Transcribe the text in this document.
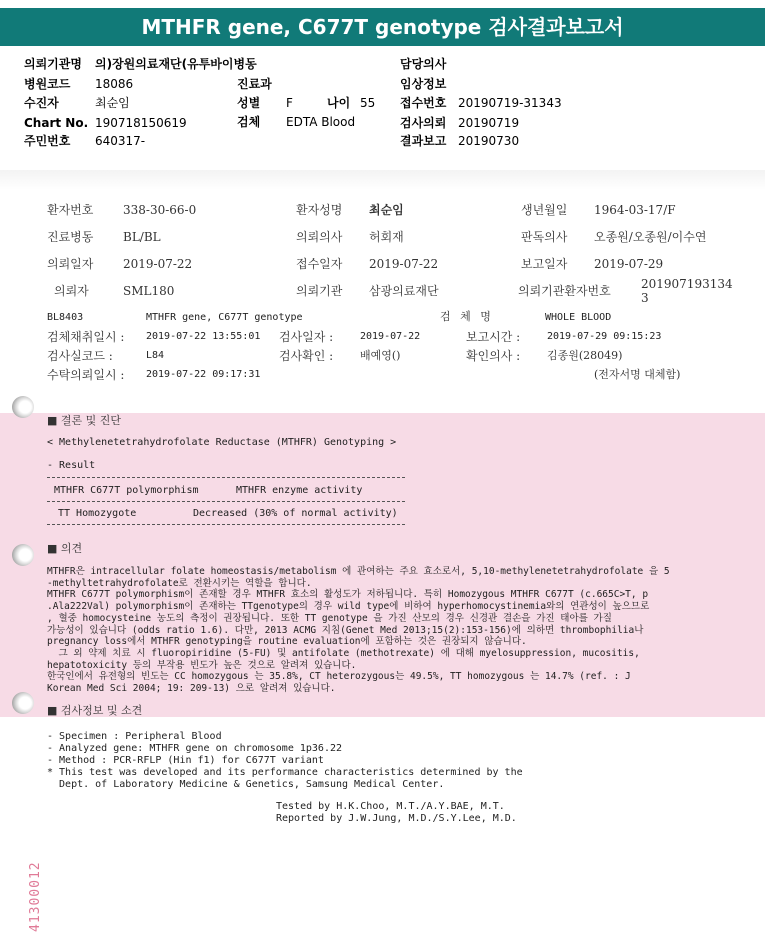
MTHFR gene, C677T genotype 검사결과보고서
의뢰기관명 의)장원의료재단(유투바이병동	담당의사
병원코드 18086	진료과	임상정보
수진자	최순임	성별 F	나이 55 접수번호 20190719-31343
Chart No. 190718150619	검체 EDTA Blood	검사의뢰 20190719
주민번호 640317-	결과보고 20190730
환자번호 338-30-66-0	환자성명 최순임	생년월일 1964-03-17/F
진료병동 BL/BL	의뢰의사 허회재	판독의사 오종원/오종원/이수연
의뢰일자 2019-07-22	접수일자 2019-07-22	보고일자 2019-07-29
의뢰자	SML180	의뢰기관 삼광의료재단	의뢰기관환자번호	201907193134
3
BL8403	MTHFR gene, C677T genotype	검 체 명	WHOLE BLOOD
검체채취일시 : 2019-07-22 13:55:01 검사일자 :	2019-07-22	보고시간 :	2019-07-29 09:15:23
검사실코드 :	L84	검사확인 : 배예영()	확인의사 : 김종원(28049)
수탁의뢰일시 : 2019-07-22 09:17:31	(전자서명 대체함)
■ 결론 및 진단
< Methylenetetrahydrofolate Reductase (MTHFR) Genotyping >
- Result
MTHFR C677T polymorphism	MTHFR enzyme activity
TT Homozygote	Decreased (30% of normal activity)
■ 의견
MTHFR은 intracellular folate homeostasis/metabolism 에 관여하는 주요 효소로서, 5,10-methylenetetrahydrofolate 을 5
-methyltetrahydrofolate로 전환시키는 역할을 합니다.
MTHFR C677T polymorphism이 존재할 경우 MTHFR 효소의 활성도가 저하됩니다. 특히 Homozygous MTHFR C677T (c.665C>T, p
.Ala222Val) polymorphism이 존재하는 TTgenotype의 경우 wild type에 비하여 hyperhomocystinemia와의 연관성이 높으므로
, 혈중 homocysteine 농도의 측정이 권장됩니다. 또한 TT genotype 을 가진 산모의 경우 신경관 결손을 가진 태아를 가질
가능성이 있습니다 (odds ratio 1.6). 다만, 2013 ACMG 지침(Genet Med 2013;15(2):153-156)에 의하면 thrombophilia나
pregnancy loss에서 MTHFR genotyping을 routine evaluation에 포함하는 것은 권장되지 않습니다.
그 외 약제 치료 시 fluoropiridine (5-FU) 및 antifolate (methotrexate) 에 대해 myelosuppression, mucositis,
hepatotoxicity 등의 부작용 빈도가 높은 것으로 알려져 있습니다.
한국인에서 유전형의 빈도는 CC homozygous 는 35.8%, CT heterozygous는 49.5%, TT homozygous 는 14.7% (ref. : J
Korean Med Sci 2004; 19: 209-13) 으로 알려져 있습니다.
■ 검사정보 및 소견
- Specimen : Peripheral Blood
- Analyzed gene: MTHFR gene on chromosome 1p36.22
- Method : PCR-RFLP (Hin f1) for C677T variant
* This test was developed and its performance characteristics determined by the
Dept. of Laboratory Medicine & Genetics, Samsung Medical Center.
Tested by H.K.Choo, M.T./A.Y.BAE, M.T.
Reported by J.W.Jung, M.D./S.Y.Lee, M.D.
41300012
